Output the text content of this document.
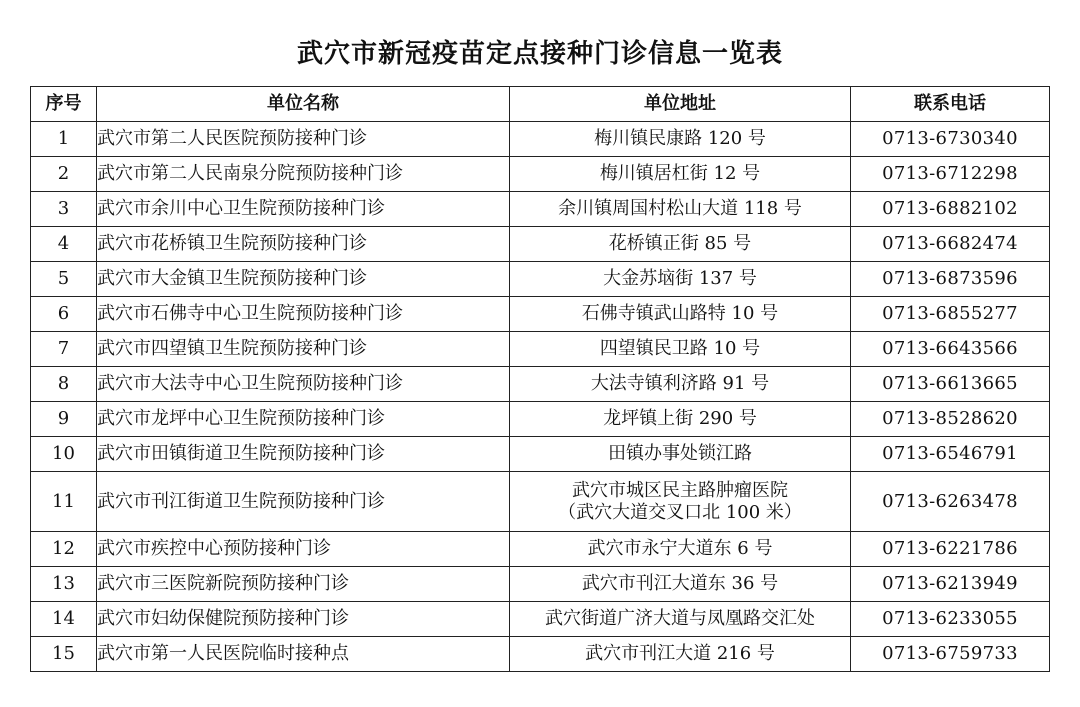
武穴市新冠疫苗定点接种门诊信息一览表
序号	单位名称	单位地址	联系电话
1	武穴市第二人民医院预防接种门诊	梅川镇民康路 120 号	0713-6730340
2	武穴市第二人民南泉分院预防接种门诊	梅川镇居杠街 12 号	0713-6712298
3	武穴市余川中心卫生院预防接种门诊	余川镇周国村松山大道 118 号	0713-6882102
4	武穴市花桥镇卫生院预防接种门诊	花桥镇正街 85 号	0713-6682474
5	武穴市大金镇卫生院预防接种门诊	大金苏垴街 137 号	0713-6873596
6	武穴市石佛寺中心卫生院预防接种门诊	石佛寺镇武山路特 10 号	0713-6855277
7	武穴市四望镇卫生院预防接种门诊	四望镇民卫路 10 号	0713-6643566
8	武穴市大法寺中心卫生院预防接种门诊	大法寺镇利济路 91 号	0713-6613665
9	武穴市龙坪中心卫生院预防接种门诊	龙坪镇上街 290 号	0713-8528620
10	武穴市田镇街道卫生院预防接种门诊	田镇办事处锁江路	0713-6546791
11	武穴市刊江街道卫生院预防接种门诊	武穴市城区民主路肿瘤医院
（武穴大道交叉口北 100 米）	0713-6263478
12	武穴市疾控中心预防接种门诊	武穴市永宁大道东 6 号	0713-6221786
13	武穴市三医院新院预防接种门诊	武穴市刊江大道东 36 号	0713-6213949
14	武穴市妇幼保健院预防接种门诊	武穴街道广济大道与凤凰路交汇处	0713-6233055
15	武穴市第一人民医院临时接种点	武穴市刊江大道 216 号	0713-6759733
